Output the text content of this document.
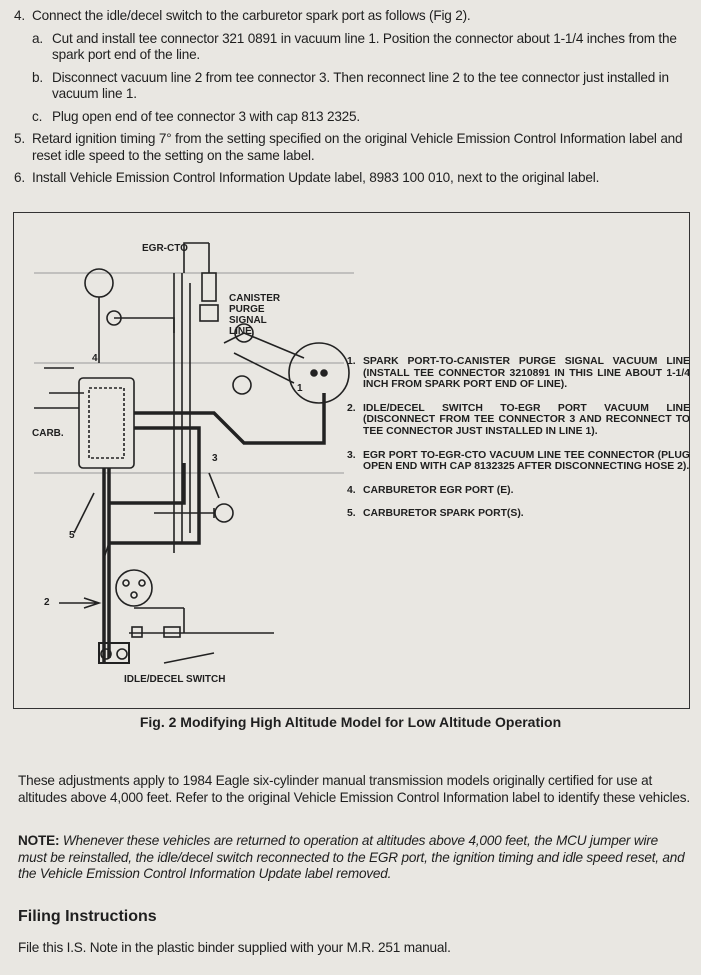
4. Connect the idle/decel switch to the carburetor spark port as follows (Fig 2).
a. Cut and install tee connector 321 0891 in vacuum line 1. Position the connector about 1-1/4 inches from the spark port end of the line.
b. Disconnect vacuum line 2 from tee connector 3. Then reconnect line 2 to the tee connector just installed in vacuum line 1.
c. Plug open end of tee connector 3 with cap 813 2325.
5. Retard ignition timing 7° from the setting specified on the original Vehicle Emission Control Information label and reset idle speed to the setting on the same label.
6. Install Vehicle Emission Control Information Update label, 8983 100 010, next to the original label.
EGR-CTO
CANISTER PURGE SIGNAL LINE
CARB.
IDLE/DECEL SWITCH
1
2
3
4
5
1. SPARK PORT-TO-CANISTER PURGE SIGNAL VACUUM LINE (INSTALL TEE CONNECTOR 3210891 IN THIS LINE ABOUT 1-1/4 INCH FROM SPARK PORT END OF LINE).
2. IDLE/DECEL SWITCH TO-EGR PORT VACUUM LINE (DISCONNECT FROM TEE CONNECTOR 3 AND RECONNECT TO TEE CONNECTOR JUST INSTALLED IN LINE 1).
3. EGR PORT TO-EGR-CTO VACUUM LINE TEE CONNECTOR (PLUG OPEN END WITH CAP 8132325 AFTER DISCONNECTING HOSE 2).
4. CARBURETOR EGR PORT (E).
5. CARBURETOR SPARK PORT(S).
Fig. 2 Modifying High Altitude Model for Low Altitude Operation
These adjustments apply to 1984 Eagle six-cylinder manual transmission models originally certified for use at altitudes above 4,000 feet. Refer to the original Vehicle Emission Control Information label to identify these vehicles.
NOTE: Whenever these vehicles are returned to operation at altitudes above 4,000 feet, the MCU jumper wire must be reinstalled, the idle/decel switch reconnected to the EGR port, the ignition timing and idle speed reset, and the Vehicle Emission Control Information Update label removed.
Filing Instructions
File this I.S. Note in the plastic binder supplied with your M.R. 251 manual.
